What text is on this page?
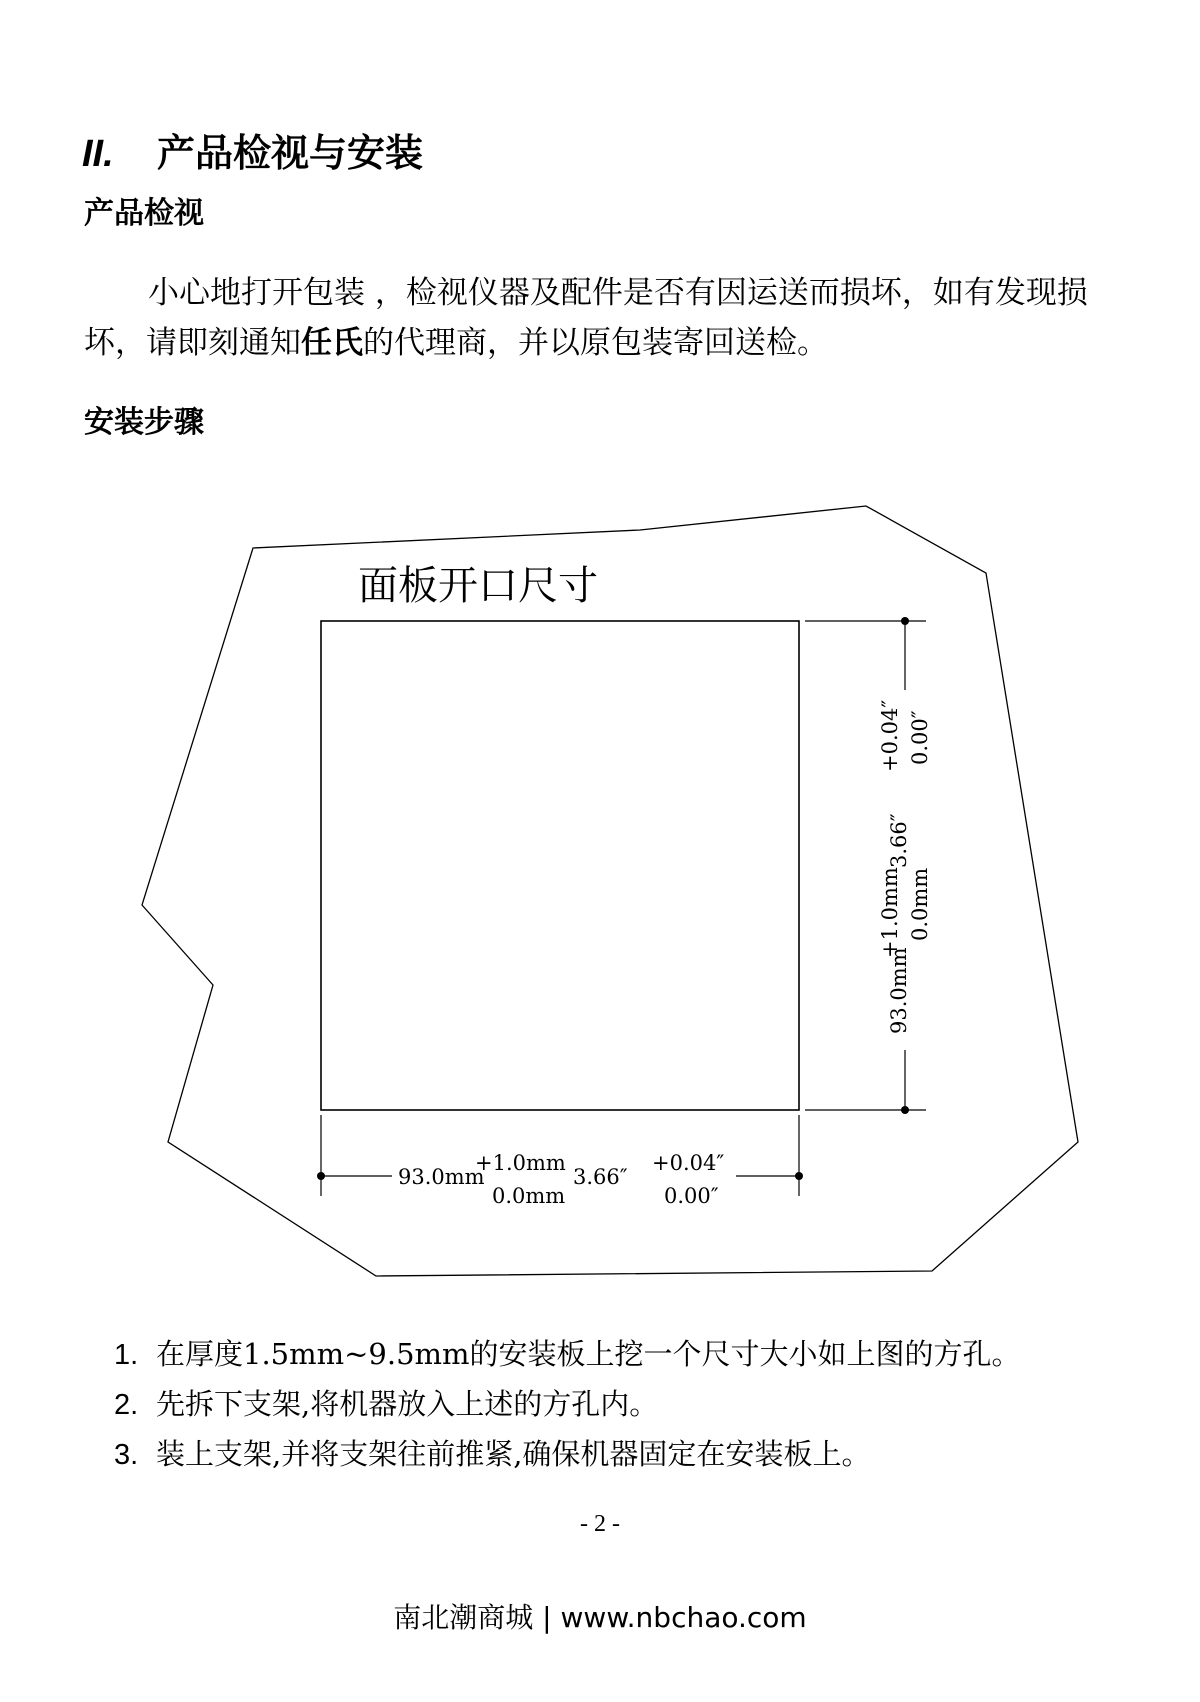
II. 产品检视与安装
产品检视
小心地打开包装 ，检视仪器及配件是否有因运送而损坏，如有发现损坏，请即刻通知任氏的代理商，并以原包装寄回送检。
安装步骤
面板开口尺寸
93.0mm
+1.0mm 0.0mm
3.66″
+0.04″ 0.00″
93.0mm
+1.0mm
0.0mm
3.66″
+0.04″
0.00″
1. 在厚度1.5mm~9.5mm的安装板上挖一个尺寸大小如上图的方孔。
2. 先拆下支架,将机器放入上述的方孔内。
3. 装上支架,并将支架往前推紧,确保机器固定在安装板上。
- 2 -
南北潮商城 | www.nbchao.com
